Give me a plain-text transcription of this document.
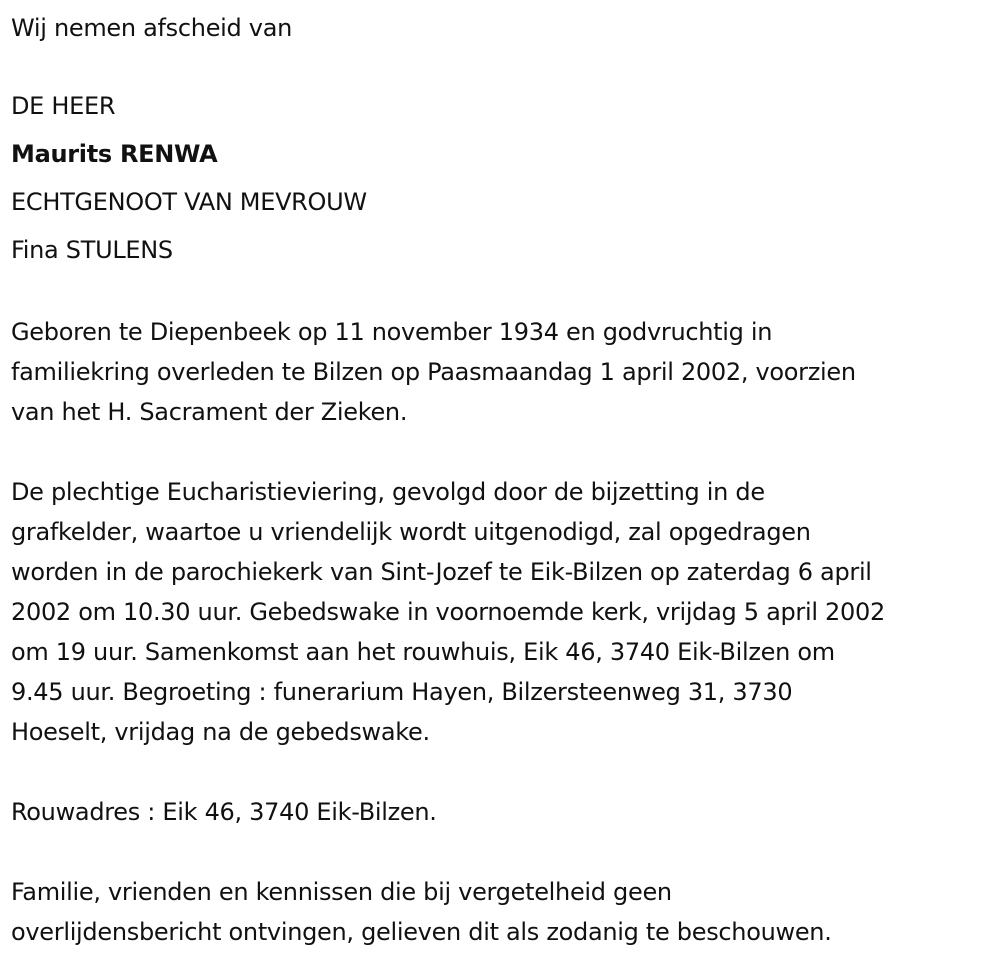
Wij nemen afscheid van

DE HEER

Maurits RENWA

ECHTGENOOT VAN MEVROUW

Fina STULENS

Geboren te Diepenbeek op 11 november 1934 en godvruchtig in
familiekring overleden te Bilzen op Paasmaandag 1 april 2002, voorzien
van het H. Sacrament der Zieken.

De plechtige Eucharistieviering, gevolgd door de bijzetting in de
grafkelder, waartoe u vriendelijk wordt uitgenodigd, zal opgedragen
worden in de parochiekerk van Sint-Jozef te Eik-Bilzen op zaterdag 6 april
2002 om 10.30 uur. Gebedswake in voornoemde kerk, vrijdag 5 april 2002
om 19 uur. Samenkomst aan het rouwhuis, Eik 46, 3740 Eik-Bilzen om
9.45 uur. Begroeting : funerarium Hayen, Bilzersteenweg 31, 3730
Hoeselt, vrijdag na de gebedswake.

Rouwadres : Eik 46, 3740 Eik-Bilzen.

Familie, vrienden en kennissen die bij vergetelheid geen
overlijdensbericht ontvingen, gelieven dit als zodanig te beschouwen.
